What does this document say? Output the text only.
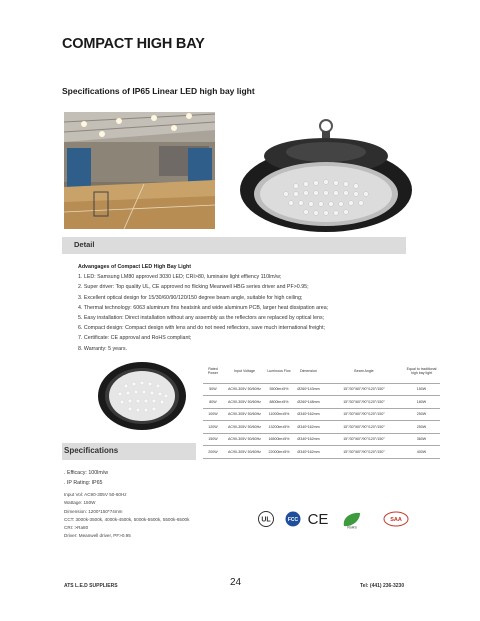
COMPACT HIGH BAY
Specifications of IP65 Linear LED high bay light
Detail
Advangages of Compact LED High Bay Light
1. LED: Samsung LM80 approved 3030 LED; CRI>80, luminaire light effiency 110lm/w;
2. Super driver: Top quality UL, CE approved no flicking Meanwell HBG series driver and PF>0.95;
3. Excellent optical design for 15/30/60/90/120/150 degree beam angle, suitable for high ceiling;
4. Thermal technology: 6063 aluminum fins heatsink and wide aluminum PCB, larger heat dissipation area;
5. Easy installation: Direct installation without any assembly as the reflectors are replaced by optical lens;
6. Compact design: Compact design with lens and do not need reflectors, save much international freight;
7. Certificate: CE approval and RoHS compliant;
8. Warranty: 5 years.
Rated Power	Input Voltage	Luminous Flux	Dimension	Beam Angle	Equal to traditional high bay light
50W	AC90-305V 50/60Hz	5500lm±5%	Ø260*143mm	15°/30°/60°/90°/120°/150°	150W
80W	AC90-305V 50/60Hz	8800lm±5%	Ø260*148mm	15°/30°/60°/90°/120°/150°	180W
100W	AC90-305V 50/60Hz	11000lm±5%	Ø340*162mm	15°/30°/60°/90°/120°/150°	250W
120W	AC90-305V 50/60Hz	13200lm±5%	Ø340*162mm	15°/30°/60°/90°/120°/150°	250W
150W	AC90-305V 50/60Hz	16500lm±5%	Ø340*162mm	15°/30°/60°/90°/120°/150°	360W
200W	AC90-305V 50/60Hz	22000lm±5%	Ø340*162mm	15°/30°/60°/90°/120°/150°	400W
Specifications
. Efficacy: 100lm/w
. IP Rating: IP65
Input Vol: AC90-305V 50-60Hz
Wattage: 150W
Dimension: 1200*150*74mm
CCT: 3000k-3500k, 4000k-4500k, 5000k-5500k, 5500k-6500k
CRI: >Ra80
Driver: Meanwell driver, PF>0.95
UL	FCC CE	RoHS
SAA
ATS L.E.D SUPPLIERS	24	Tel: (441) 236-3230
